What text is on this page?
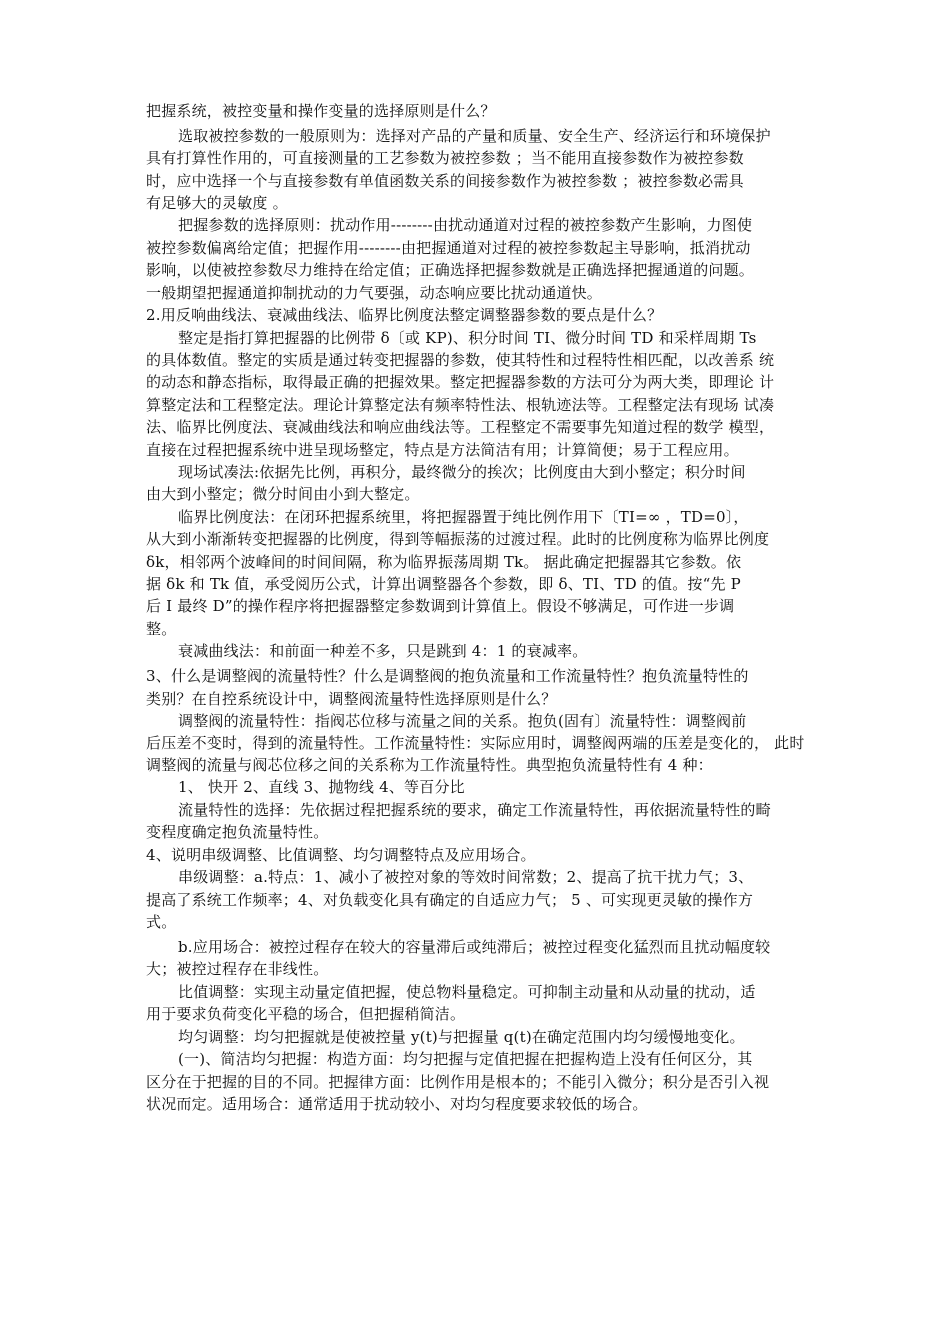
把握系统，被控变量和操作变量的选择原则是什么？
选取被控参数的一般原则为：选择对产品的产量和质量、安全生产、经济运行和环境保护
具有打算性作用的，可直接测量的工艺参数为被控参数 ；当不能用直接参数作为被控参数
时，应中选择一个与直接参数有单值函数关系的间接参数作为被控参数 ；被控参数必需具
有足够大的灵敏度 。
把握参数的选择原则：扰动作用--------由扰动通道对过程的被控参数产生影响，力图使
被控参数偏离给定值；把握作用--------由把握通道对过程的被控参数起主导影响，抵消扰动
影响，以使被控参数尽力维持在给定值；正确选择把握参数就是正确选择把握通道的问题。
一般期望把握通道抑制扰动的力气要强，动态响应要比扰动通道快。
2.用反响曲线法、衰减曲线法、临界比例度法整定调整器参数的要点是什么？
整定是指打算把握器的比例带 δ〔或 KP)、积分时间 TI、微分时间 TD 和采样周期 Ts
的具体数值。整定的实质是通过转变把握器的参数，使其特性和过程特性相匹配，以改善系 统
的动态和静态指标，取得最正确的把握效果。整定把握器参数的方法可分为两大类，即理论 计
算整定法和工程整定法。理论计算整定法有频率特性法、根轨迹法等。工程整定法有现场 试凑
法、临界比例度法、衰减曲线法和响应曲线法等。工程整定不需要事先知道过程的数学 模型，
直接在过程把握系统中进呈现场整定，特点是方法简洁有用；计算简便；易于工程应用。
现场试凑法:依据先比例，再积分，最终微分的挨次；比例度由大到小整定；积分时间
由大到小整定；微分时间由小到大整定。
临界比例度法：在闭环把握系统里，将把握器置于纯比例作用下〔TI=∞ ，TD=0〕，
从大到小渐渐转变把握器的比例度，得到等幅振荡的过渡过程。此时的比例度称为临界比例度
δk，相邻两个波峰间的时间间隔，称为临界振荡周期 Tk。 据此确定把握器其它参数。依
据 δk 和 Tk 值，承受阅历公式，计算出调整器各个参数，即 δ、TI、TD 的值。按“先 P
后 I 最终 D”的操作程序将把握器整定参数调到计算值上。假设不够满足，可作进一步调
整。
衰减曲线法：和前面一种差不多，只是跳到 4：1 的衰减率。
3、什么是调整阀的流量特性？什么是调整阀的抱负流量和工作流量特性？抱负流量特性的
类别？在自控系统设计中，调整阀流量特性选择原则是什么？
调整阀的流量特性：指阀芯位移与流量之间的关系。抱负(固有〕流量特性：调整阀前
后压差不变时，得到的流量特性。工作流量特性：实际应用时，调整阀两端的压差是变化的， 此时
调整阀的流量与阀芯位移之间的关系称为工作流量特性。典型抱负流量特性有 4 种：
1、 快开 2、直线 3、抛物线 4、等百分比
流量特性的选择：先依据过程把握系统的要求，确定工作流量特性，再依据流量特性的畸
变程度确定抱负流量特性。
4、说明串级调整、比值调整、均匀调整特点及应用场合。
串级调整：a.特点：1、减小了被控对象的等效时间常数；2、提高了抗干扰力气；3、
提高了系统工作频率；4、对负载变化具有确定的自适应力气； 5 、可实现更灵敏的操作方
式。
b.应用场合：被控过程存在较大的容量滞后或纯滞后；被控过程变化猛烈而且扰动幅度较
大；被控过程存在非线性。
比值调整：实现主动量定值把握，使总物料量稳定。可抑制主动量和从动量的扰动，适
用于要求负荷变化平稳的场合，但把握稍简洁。
均匀调整：均匀把握就是使被控量 y(t)与把握量 q(t)在确定范围内均匀缓慢地变化。
(一)、简洁均匀把握：构造方面：均匀把握与定值把握在把握构造上没有任何区分，其
区分在于把握的目的不同。把握律方面：比例作用是根本的；不能引入微分；积分是否引入视
状况而定。适用场合：通常适用于扰动较小、对均匀程度要求较低的场合。
